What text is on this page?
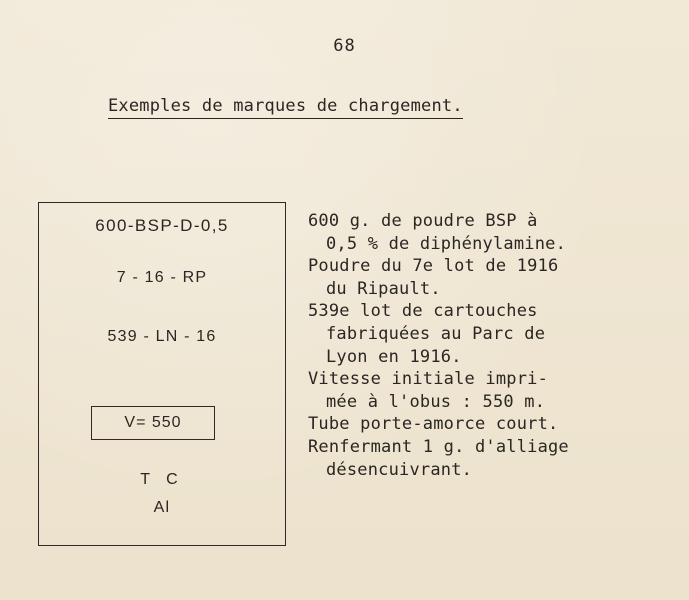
68
Exemples de marques de chargement.
600-BSP-D-0,5
7 - 16 - RP
539 - LN - 16
V= 550
T C
Al
600 g. de poudre BSP à
0,5 % de diphénylamine.
Poudre du 7e lot de 1916
du Ripault.
539e lot de cartouches
fabriquées au Parc de
Lyon en 1916.
Vitesse initiale impri-
mée à l'obus : 550 m.
Tube porte-amorce court.
Renfermant 1 g. d'alliage
désencuivrant.
